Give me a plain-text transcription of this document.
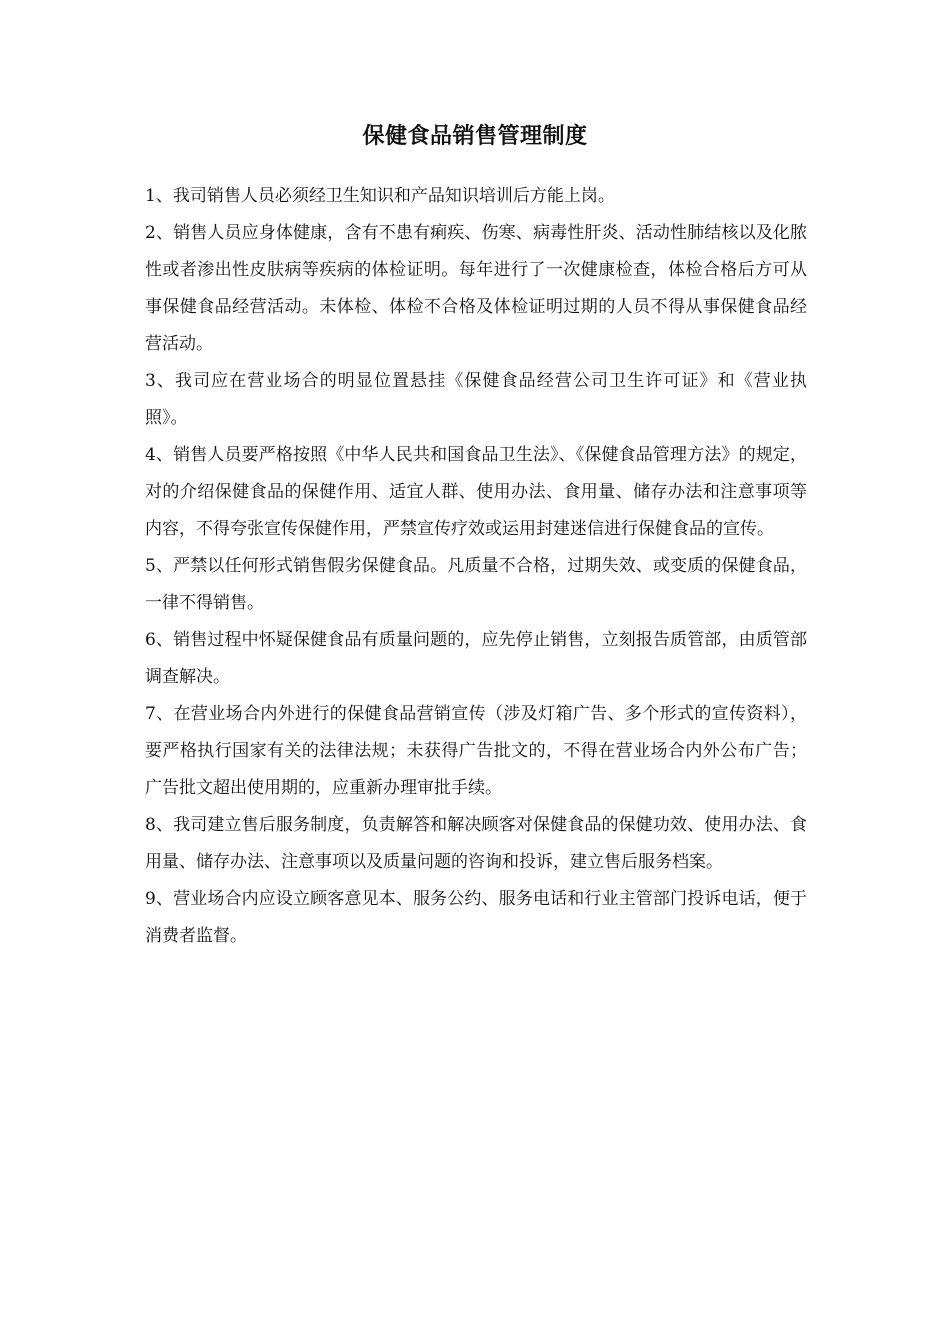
保健食品销售管理制度

1、我司销售人员必须经卫生知识和产品知识培训后方能上岗。

2、销售人员应身体健康，含有不患有痢疾、伤寒、病毒性肝炎、活动性肺结核以及化脓性或者渗出性皮肤病等疾病的体检证明。每年进行了一次健康检查，体检合格后方可从事保健食品经营活动。未体检、体检不合格及体检证明过期的人员不得从事保健食品经营活动。

3、我司应在营业场合的明显位置悬挂《保健食品经营公司卫生许可证》和《营业执照》。

4、销售人员要严格按照《中华人民共和国食品卫生法》、《保健食品管理方法》的规定，对的介绍保健食品的保健作用、适宜人群、使用办法、食用量、储存办法和注意事项等内容，不得夸张宣传保健作用，严禁宣传疗效或运用封建迷信进行保健食品的宣传。

5、严禁以任何形式销售假劣保健食品。凡质量不合格，过期失效、或变质的保健食品，一律不得销售。

6、销售过程中怀疑保健食品有质量问题的，应先停止销售，立刻报告质管部，由质管部调查解决。

7、在营业场合内外进行的保健食品营销宣传（涉及灯箱广告、多个形式的宣传资料），要严格执行国家有关的法律法规；未获得广告批文的，不得在营业场合内外公布广告；广告批文超出使用期的，应重新办理审批手续。

8、我司建立售后服务制度，负责解答和解决顾客对保健食品的保健功效、使用办法、食用量、储存办法、注意事项以及质量问题的咨询和投诉，建立售后服务档案。

9、营业场合内应设立顾客意见本、服务公约、服务电话和行业主管部门投诉电话，便于消费者监督。
